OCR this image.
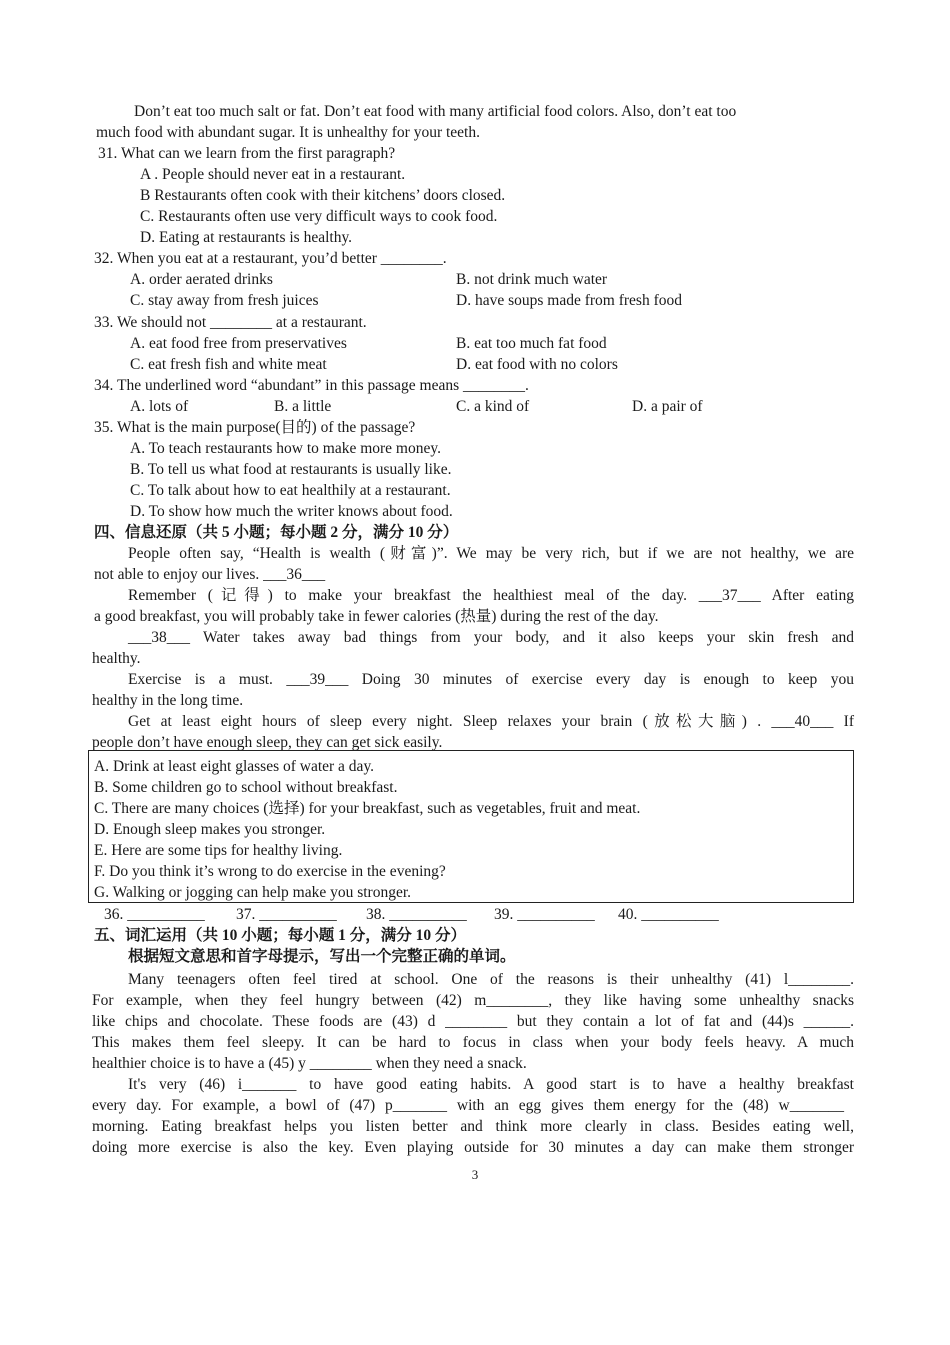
Don’t eat too much salt or fat. Don’t eat food with many artificial food colors. Also, don’t eat too
much food with abundant sugar. It is unhealthy for your teeth.
31. What can we learn from the first paragraph?
A . People should never eat in a restaurant.
B Restaurants often cook with their kitchens’ doors closed.
C. Restaurants often use very difficult ways to cook food.
D. Eating at restaurants is healthy.
32. When you eat at a restaurant, you’d better ________.
A. order aerated drinks	B. not drink much water
C. stay away from fresh juices	D. have soups made from fresh food
33. We should not ________ at a restaurant.
A. eat food free from preservatives	B. eat too much fat food
C. eat fresh fish and white meat	D. eat food with no colors
34. The underlined word “abundant” in this passage means ________.
A. lots of	B. a little	C. a kind of	D. a pair of
35. What is the main purpose(目的) of the passage?
A. To teach restaurants how to make more money.
B. To tell us what food at restaurants is usually like.
C. To talk about how to eat healthily at a restaurant.
D. To show how much the writer knows about food.
四、信息还原（共 5 小题；每小题 2 分，满分 10 分）
People often say, “Health is wealth (财富)”. We may be very rich, but if we are not healthy, we are
not able to enjoy our lives. ___36___
Remember (记得) to make your breakfast the healthiest meal of the day. ___37___ After eating
a good breakfast, you will probably take in fewer calories (热量) during the rest of the day.
___38___ Water takes away bad things from your body, and it also keeps your skin fresh and
healthy.
Exercise is a must. ___39___ Doing 30 minutes of exercise every day is enough to keep you
healthy in the long time.
Get at least eight hours of sleep every night. Sleep relaxes your brain (放松大脑) . ___40___ If
people don’t have enough sleep, they can get sick easily.
A. Drink at least eight glasses of water a day.
B. Some children go to school without breakfast.
C. There are many choices (选择) for your breakfast, such as vegetables, fruit and meat.
D. Enough sleep makes you stronger.
E. Here are some tips for healthy living.
F. Do you think it’s wrong to do exercise in the evening?
G. Walking or jogging can help make you stronger.
36. __________ 37. __________ 38. __________ 39. __________ 40. __________
五、词汇运用（共 10 小题；每小题 1 分，满分 10 分）
根据短文意思和首字母提示，写出一个完整正确的单词。
Many teenagers often feel tired at school. One of the reasons is their unhealthy (41) l________.
For example, when they feel hungry between (42) m________, they like having some unhealthy snacks
like chips and chocolate. These foods are (43) d ________ but they contain a lot of fat and (44)s ______.
This makes them feel sleepy. It can be hard to focus in class when your body feels heavy. A much
healthier choice is to have a (45) y ________ when they need a snack.
It's very (46) i_______ to have good eating habits. A good start is to have a healthy breakfast
every day. For example, a bowl of (47) p_______ with an egg gives them energy for the (48) w_______
morning. Eating breakfast helps you listen better and think more clearly in class. Besides eating well,
doing more exercise is also the key. Even playing outside for 30 minutes a day can make them stronger
3
